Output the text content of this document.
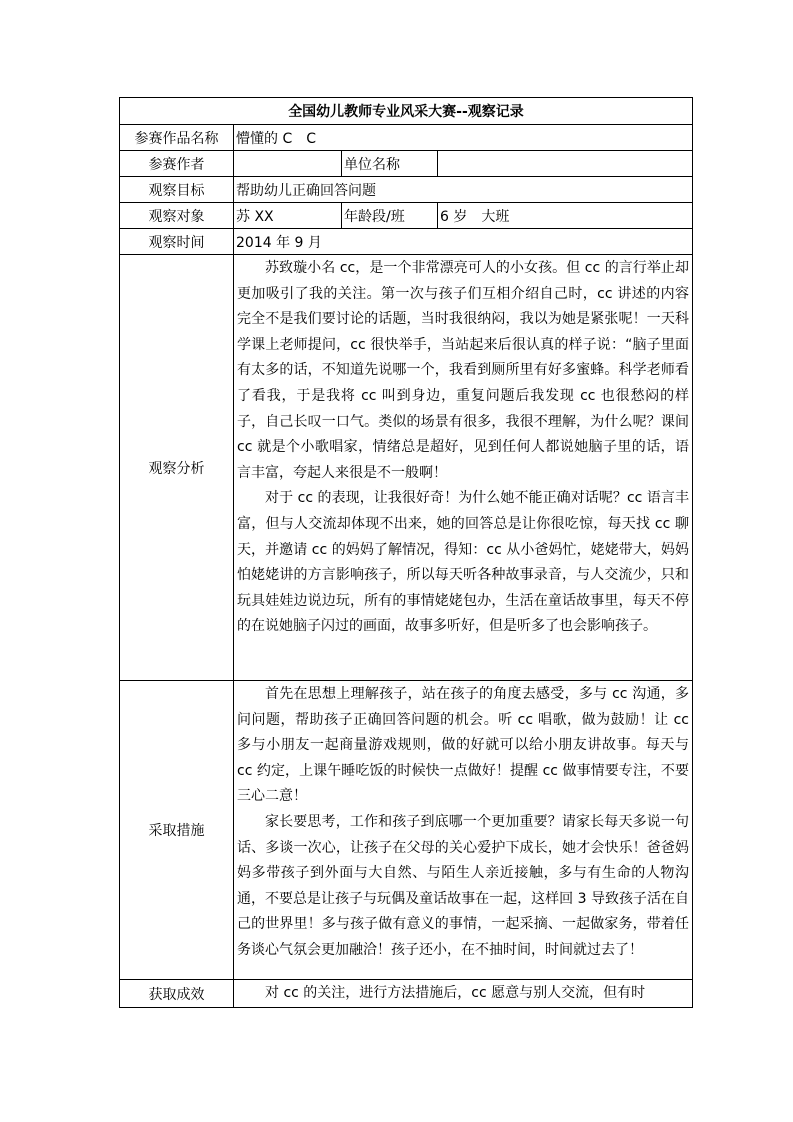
全国幼儿教师专业风采大赛--观察记录			
参赛作品名称	懵懂的 C　C		
参赛作者		单位名称	
观察目标	帮助幼儿正确回答问题		
观察对象	苏 XX	年龄段/班	6 岁　大班
观察时间	2014 年 9 月		
观察分析	苏致璇小名 cc，是一个非常漂亮可人的小女孩。但 cc 的言行举止却更加吸引了我的关注。第一次与孩子们互相介绍自己时，cc 讲述的内容完全不是我们要讨论的话题，当时我很纳闷，我以为她是紧张呢！一天科学课上老师提问，cc 很快举手，当站起来后很认真的样子说：“脑子里面有太多的话，不知道先说哪一个，我看到厕所里有好多蜜蜂。科学老师看了看我，于是我将 cc 叫到身边，重复问题后我发现 cc 也很愁闷的样子，自己长叹一口气。类似的场景有很多，我很不理解，为什么呢？课间 cc 就是个小歌唱家，情绪总是超好，见到任何人都说她脑子里的话，语言丰富，夸起人来很是不一般啊！

对于 cc 的表现，让我很好奇！为什么她不能正确对话呢？cc 语言丰富，但与人交流却体现不出来，她的回答总是让你很吃惊，每天找 cc 聊天，并邀请 cc 的妈妈了解情况，得知：cc 从小爸妈忙，姥姥带大，妈妈怕姥姥讲的方言影响孩子，所以每天听各种故事录音，与人交流少，只和玩具娃娃边说边玩，所有的事情姥姥包办，生活在童话故事里，每天不停的在说她脑子闪过的画面，故事多听好，但是听多了也会影响孩子。		

采取措施	首先在思想上理解孩子，站在孩子的角度去感受，多与 cc 沟通，多问问题，帮助孩子正确回答问题的机会。听 cc 唱歌，做为鼓励！让 cc 多与小朋友一起商量游戏规则，做的好就可以给小朋友讲故事。每天与 cc 约定，上课午睡吃饭的时候快一点做好！提醒 cc 做事情要专注，不要三心二意！

家长要思考，工作和孩子到底哪一个更加重要？请家长每天多说一句话、多谈一次心，让孩子在父母的关心爱护下成长，她才会快乐！爸爸妈妈多带孩子到外面与大自然、与陌生人亲近接触，多与有生命的人物沟通，不要总是让孩子与玩偶及童话故事在一起，这样回 3 导致孩子活在自己的世界里！多与孩子做有意义的事情，一起采摘、一起做家务，带着任务谈心气氛会更加融洽！孩子还小，在不抽时间，时间就过去了！		

获取成效	对 cc 的关注，进行方法措施后，cc 愿意与别人交流，但有时		
